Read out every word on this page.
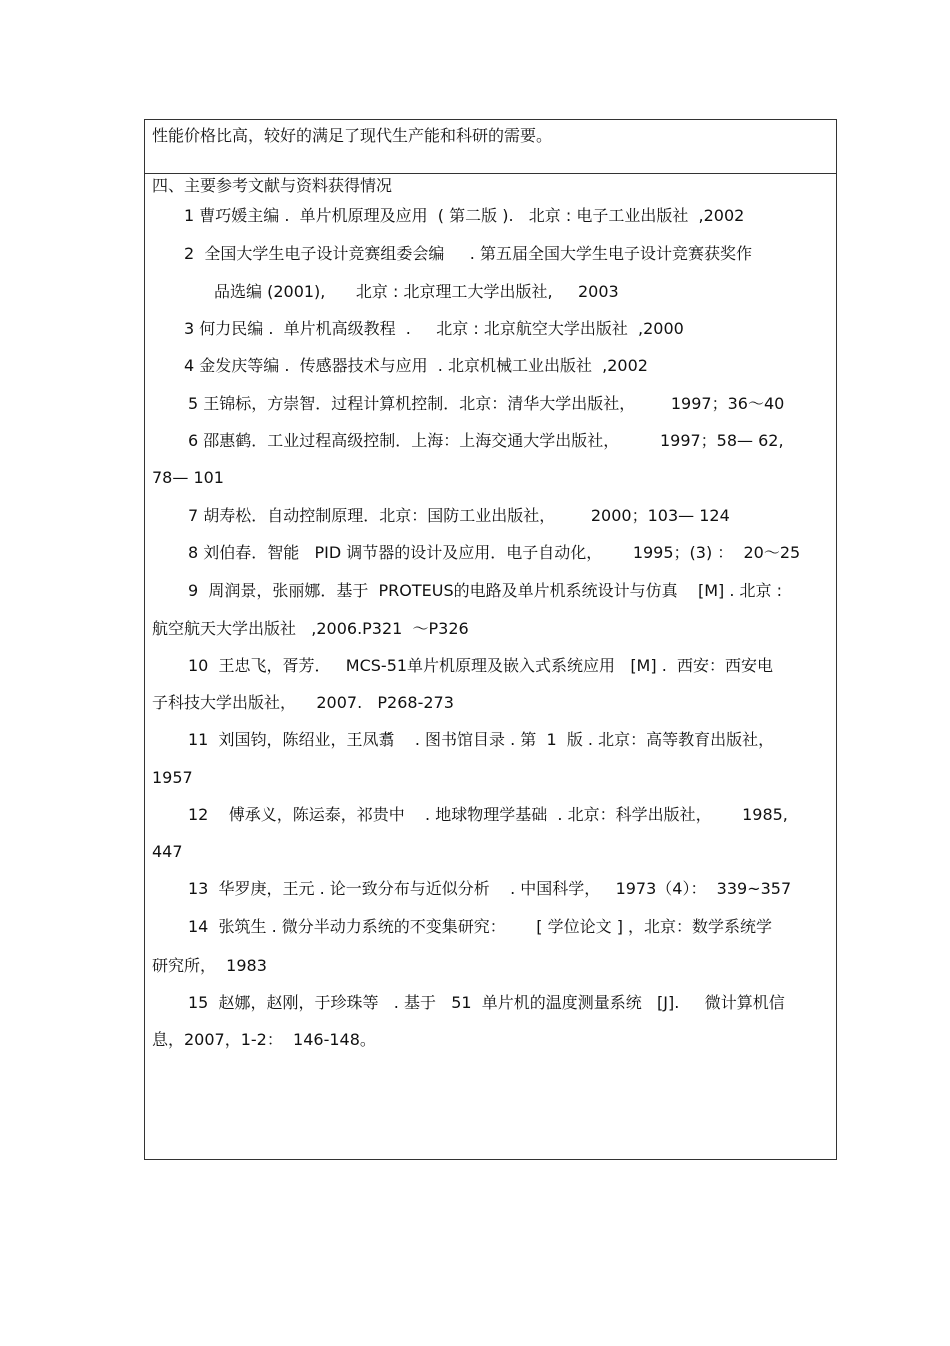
性能价格比高，较好的满足了现代生产能和科研的需要。
四、主要参考文献与资料获得情况
1 曹巧媛主编 .  单片机原理及应用  ( 第二版 ).   北京 : 电子工业出版社  ,2002
2  全国大学生电子设计竞赛组委会编     . 第五届全国大学生电子设计竞赛获奖作
品选编 (2001),      北京 : 北京理工大学出版社,     2003
3 何力民编 .  单片机高级教程  .     北京 : 北京航空大学出版社  ,2000
4 金发庆等编 .  传感器技术与应用  . 北京机械工业出版社  ,2002
5 王锦标，方崇智．过程计算机控制．北京：清华大学出版社，       1997；36～40
6 邵惠鹤．工业过程高级控制．上海：上海交通大学出版社，        1997；58— 62,
78— 101
7 胡寿松．自动控制原理．北京：国防工业出版社，       2000；103— 124
8 刘伯春．智能   PID 调节器的设计及应用．电子自动化，      1995；(3) ：  20～25
9  周润景，张丽娜．基于  PROTEUS的电路及单片机系统设计与仿真    [M] . 北京 :
航空航天大学出版社   ,2006.P321  ～P326
10  王忠飞，胥芳．   MCS-51单片机原理及嵌入式系统应用   [M] .  西安：西安电
子科技大学出版社，    2007.   P268-273
11  刘国钧，陈绍业，王凤翥    . 图书馆目录 . 第  1  版 . 北京：高等教育出版社，
1957
12    傅承义，陈运泰，祁贵中    . 地球物理学基础  . 北京：科学出版社，      1985,
447
13  华罗庚，王元 . 论一致分布与近似分析    . 中国科学，   1973（4）：  339~357
14  张筑生 . 微分半动力系统的不变集研究：      [ 学位论文 ] ，北京：数学系统学
研究所，  1983
15  赵娜，赵刚，于珍珠等   . 基于   51  单片机的温度测量系统   [J].     微计算机信
息，2007，1-2：  146-148。
